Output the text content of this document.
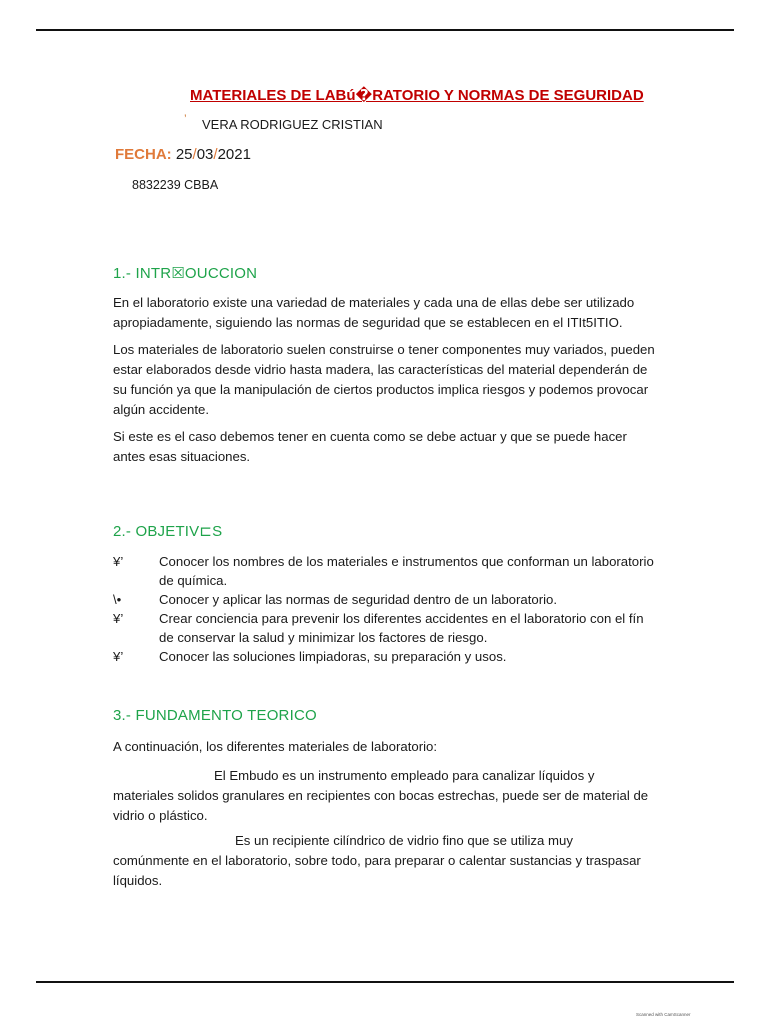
MATERIALES DE LABú�RATORIO Y NORMAS DE SEGURIDAD
’ VERA RODRIGUEZ CRISTIAN
FECHA: 25/03/2021
8832239 CBBA
1.- INTR☒OUCCION

En el laboratorio existe una variedad de materiales y cada una de ellas debe ser utilizado apropiadamente, siguiendo las normas de seguridad que se establecen en el ITIt5ITIO.

Los materiales de laboratorio suelen construirse o tener componentes muy variados, pueden estar elaborados desde vidrio hasta madera, las características del material dependerán de su función ya que la manipulación de ciertos productos implica riesgos y podemos provocar algún accidente.

Si este es el caso debemos tener en cuenta como se debe actuar y que se puede hacer antes esas situaciones.

2.- OBJETIV⊏S
¥’	Conocer los nombres de los materiales e instrumentos que conforman un laboratorio de química.
\•	Conocer y aplicar las normas de seguridad dentro de un laboratorio.
¥’	Crear conciencia para prevenir los diferentes accidentes en el laboratorio con el fín de conservar la salud y minimizar los factores de riesgo.
¥’	Conocer las soluciones limpiadoras, su preparación y usos.
3.- FUNDAMENTO TEORICO
A continuación, los diferentes materiales de laboratorio:
El Embudo es un instrumento empleado para canalizar líquidos y
materiales solidos granulares en recipientes con bocas estrechas, puede ser de material de vidrio o plástico.
Es un recipiente cilíndrico de vidrio fino que se utiliza muy
comúnmente en el laboratorio, sobre todo, para preparar o calentar sustancias y traspasar líquidos.
Scanned with CamScanner
